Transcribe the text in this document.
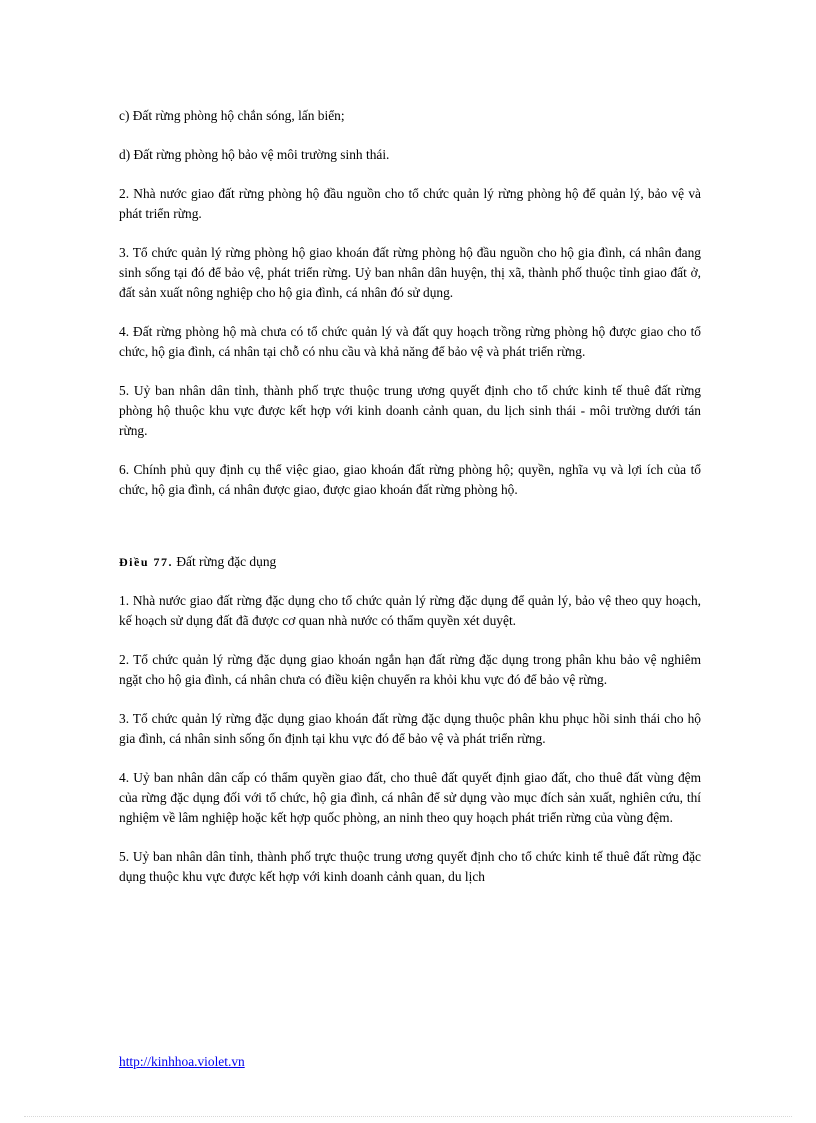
c) Đất rừng phòng hộ chắn sóng, lấn biển;

d) Đất rừng phòng hộ bảo vệ môi trường sinh thái.

2. Nhà nước giao đất rừng phòng hộ đầu nguồn cho tổ chức quản lý rừng phòng hộ để quản lý, bảo vệ và phát triển rừng.

3. Tổ chức quản lý rừng phòng hộ giao khoán đất rừng phòng hộ đầu nguồn cho hộ gia đình, cá nhân đang sinh sống tại đó để bảo vệ, phát triển rừng. Uỷ ban nhân dân huyện, thị xã, thành phố thuộc tỉnh giao đất ở, đất sản xuất nông nghiệp cho hộ gia đình, cá nhân đó sử dụng.

4. Đất rừng phòng hộ mà chưa có tổ chức quản lý và đất quy hoạch trồng rừng phòng hộ được giao cho tổ chức, hộ gia đình, cá nhân tại chỗ có nhu cầu và khả năng để bảo vệ và phát triển rừng.

5. Uỷ ban nhân dân tỉnh, thành phố trực thuộc trung ương quyết định cho tổ chức kinh tế thuê đất rừng phòng hộ thuộc khu vực được kết hợp với kinh doanh cảnh quan, du lịch sinh thái - môi trường dưới tán rừng.

6. Chính phủ quy định cụ thể việc giao, giao khoán đất rừng phòng hộ; quyền, nghĩa vụ và lợi ích của tổ chức, hộ gia đình, cá nhân được giao, được giao khoán đất rừng phòng hộ.

Điều 77. Đất rừng đặc dụng

1. Nhà nước giao đất rừng đặc dụng cho tổ chức quản lý rừng đặc dụng để quản lý, bảo vệ theo quy hoạch, kế hoạch sử dụng đất đã được cơ quan nhà nước có thẩm quyền xét duyệt.

2. Tổ chức quản lý rừng đặc dụng giao khoán ngắn hạn đất rừng đặc dụng trong phân khu bảo vệ nghiêm ngặt cho hộ gia đình, cá nhân chưa có điều kiện chuyển ra khỏi khu vực đó để bảo vệ rừng.

3. Tổ chức quản lý rừng đặc dụng giao khoán đất rừng đặc dụng thuộc phân khu phục hồi sinh thái cho hộ gia đình, cá nhân sinh sống ổn định tại khu vực đó để bảo vệ và phát triển rừng.

4. Uỷ ban nhân dân cấp có thẩm quyền giao đất, cho thuê đất quyết định giao đất, cho thuê đất vùng đệm của rừng đặc dụng đối với tổ chức, hộ gia đình, cá nhân để sử dụng vào mục đích sản xuất, nghiên cứu, thí nghiệm về lâm nghiệp hoặc kết hợp quốc phòng, an ninh theo quy hoạch phát triển rừng của vùng đệm.

5. Uỷ ban nhân dân tỉnh, thành phố trực thuộc trung ương quyết định cho tổ chức kinh tế thuê đất rừng đặc dụng thuộc khu vực được kết hợp với kinh doanh cảnh quan, du lịch

http://kinhhoa.violet.vn
